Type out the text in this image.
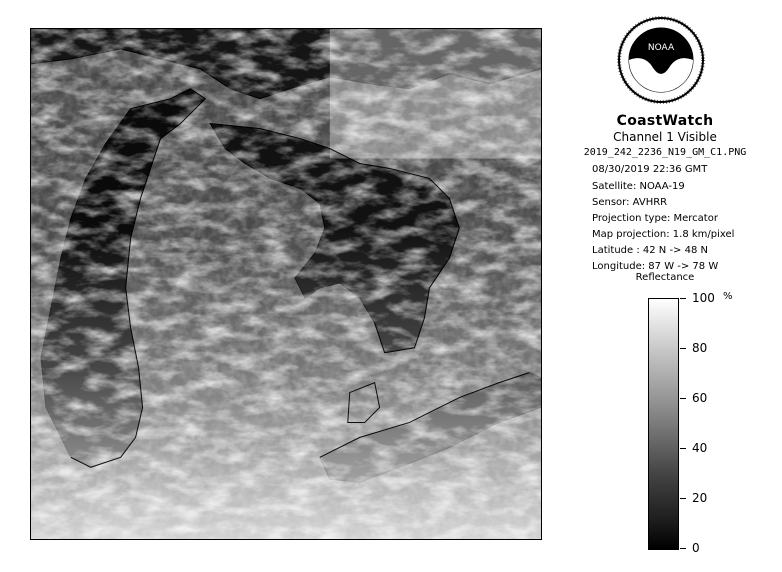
NOAA
CoastWatch
Channel 1 Visible
2019_242_2236_N19_GM_C1.PNG
08/30/2019 22:36 GMT
Satellite: NOAA-19
Sensor: AVHRR
Projection type: Mercator
Map projection: 1.8 km/pixel
Latitude : 42 N -> 48 N
Longitude: 87 W -> 78 W
Reflectance
%
100
80
60
40
20
0
